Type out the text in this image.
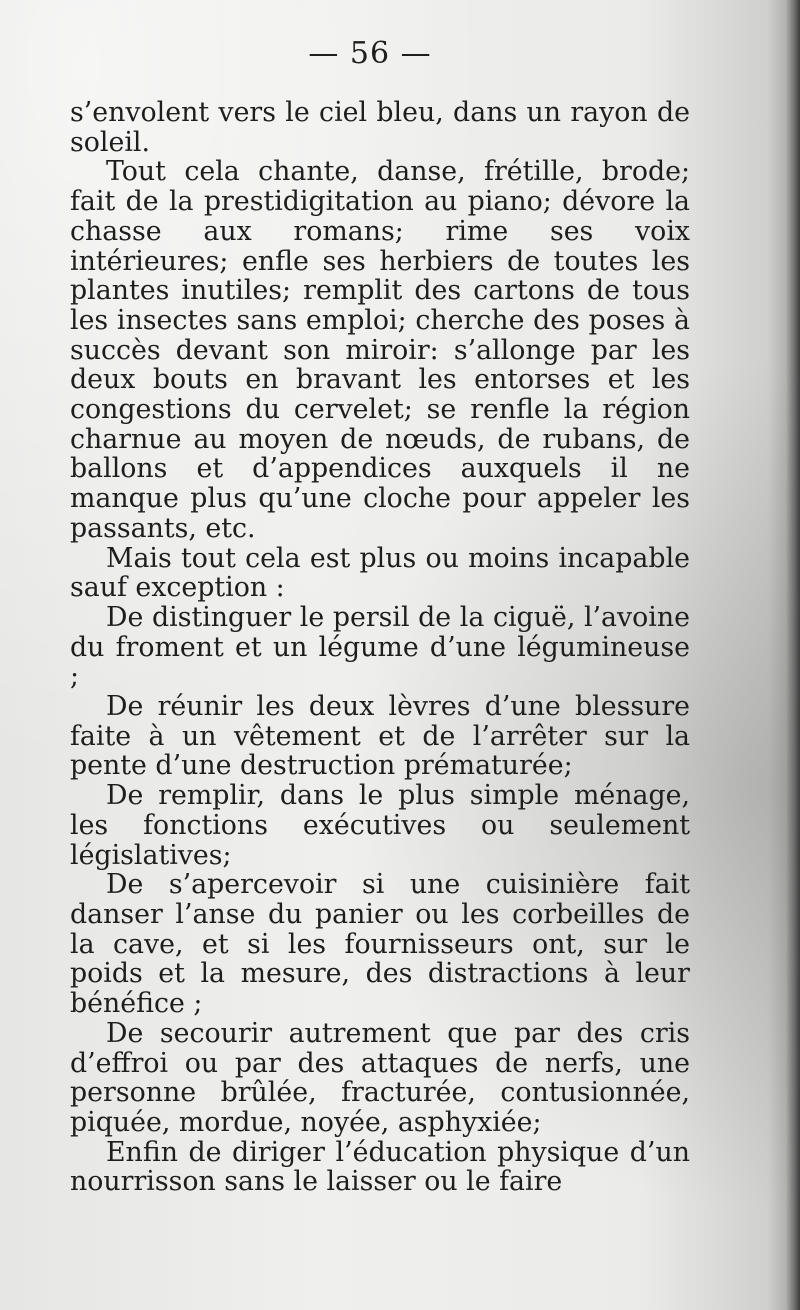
— 56 —

s’envolent vers le ciel bleu, dans un rayon de soleil.

Tout cela chante, danse, frétille, brode; fait de la prestidigitation au piano; dévore la chasse aux romans; rime ses voix intérieures; enfle ses herbiers de toutes les plantes inutiles; remplit des cartons de tous les insectes sans emploi; cherche des poses à succès devant son miroir: s’allonge par les deux bouts en bravant les entorses et les congestions du cervelet; se renfle la région charnue au moyen de nœuds, de rubans, de ballons et d’appendices auxquels il ne manque plus qu’une cloche pour appeler les passants, etc.

Mais tout cela est plus ou moins incapable sauf exception :

De distinguer le persil de la ciguë, l’avoine du froment et un légume d’une légumineuse ;

De réunir les deux lèvres d’une blessure faite à un vêtement et de l’arrêter sur la pente d’une destruction prématurée;

De remplir, dans le plus simple ménage, les fonctions exécutives ou seulement législatives;

De s’apercevoir si une cuisinière fait danser l’anse du panier ou les corbeilles de la cave, et si les fournisseurs ont, sur le poids et la mesure, des distractions à leur bénéfice ;

De secourir autrement que par des cris d’effroi ou par des attaques de nerfs, une personne brûlée, fracturée, contusionnée, piquée, mordue, noyée, asphyxiée;

Enfin de diriger l’éducation physique d’un nourrisson sans le laisser ou le faire
